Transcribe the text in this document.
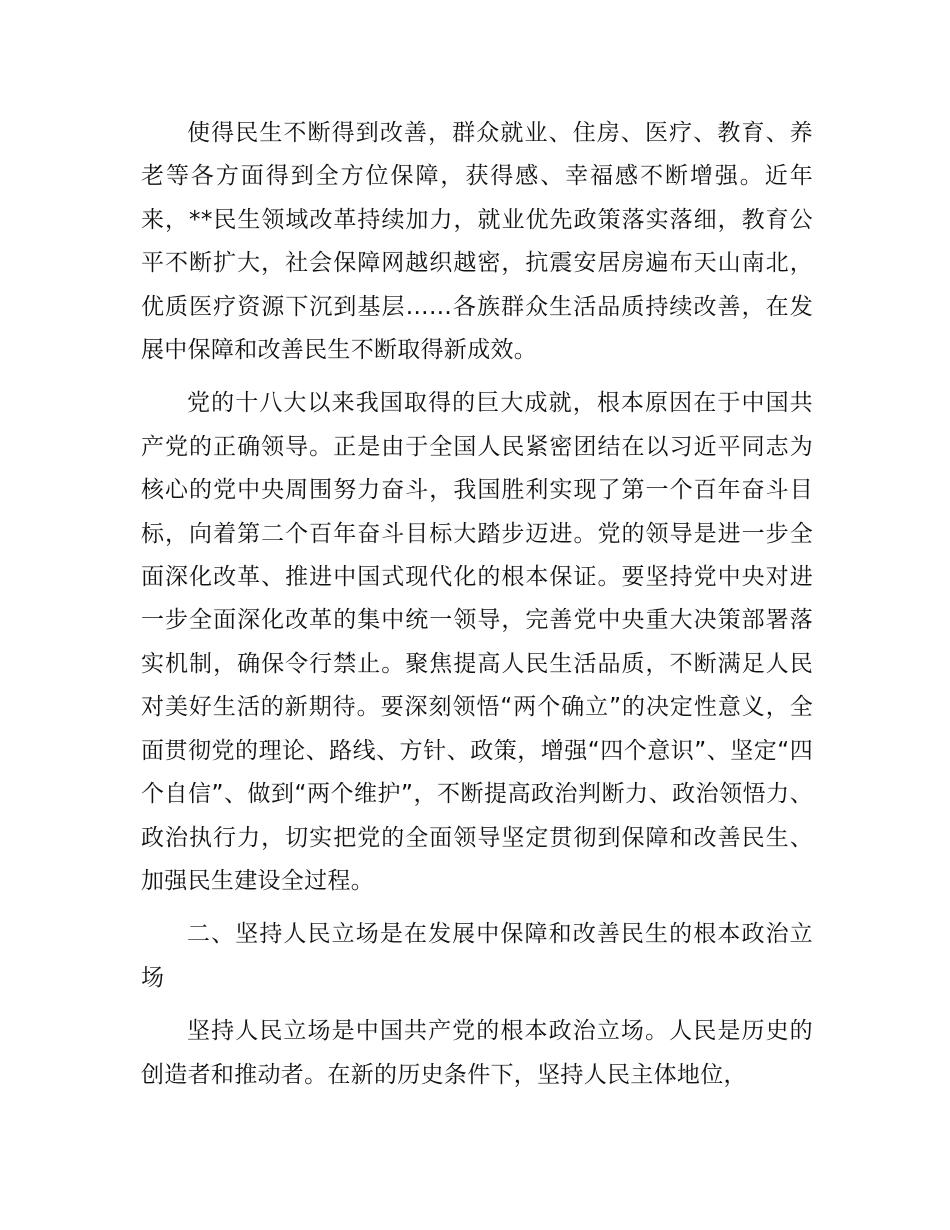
使得民生不断得到改善，群众就业、住房、医疗、教育、养老等各方面得到全方位保障，获得感、幸福感不断增强。近年来，**民生领域改革持续加力，就业优先政策落实落细，教育公平不断扩大，社会保障网越织越密，抗震安居房遍布天山南北，优质医疗资源下沉到基层……各族群众生活品质持续改善，在发展中保障和改善民生不断取得新成效。

党的十八大以来我国取得的巨大成就，根本原因在于中国共产党的正确领导。正是由于全国人民紧密团结在以习近平同志为核心的党中央周围努力奋斗，我国胜利实现了第一个百年奋斗目标，向着第二个百年奋斗目标大踏步迈进。党的领导是进一步全面深化改革、推进中国式现代化的根本保证。要坚持党中央对进一步全面深化改革的集中统一领导，完善党中央重大决策部署落实机制，确保令行禁止。聚焦提高人民生活品质，不断满足人民对美好生活的新期待。要深刻领悟“两个确立”的决定性意义，全面贯彻党的理论、路线、方针、政策，增强“四个意识”、坚定“四个自信”、做到“两个维护”，不断提高政治判断力、政治领悟力、政治执行力，切实把党的全面领导坚定贯彻到保障和改善民生、加强民生建设全过程。

二、坚持人民立场是在发展中保障和改善民生的根本政治立场

坚持人民立场是中国共产党的根本政治立场。人民是历史的创造者和推动者。在新的历史条件下，坚持人民主体地位，
